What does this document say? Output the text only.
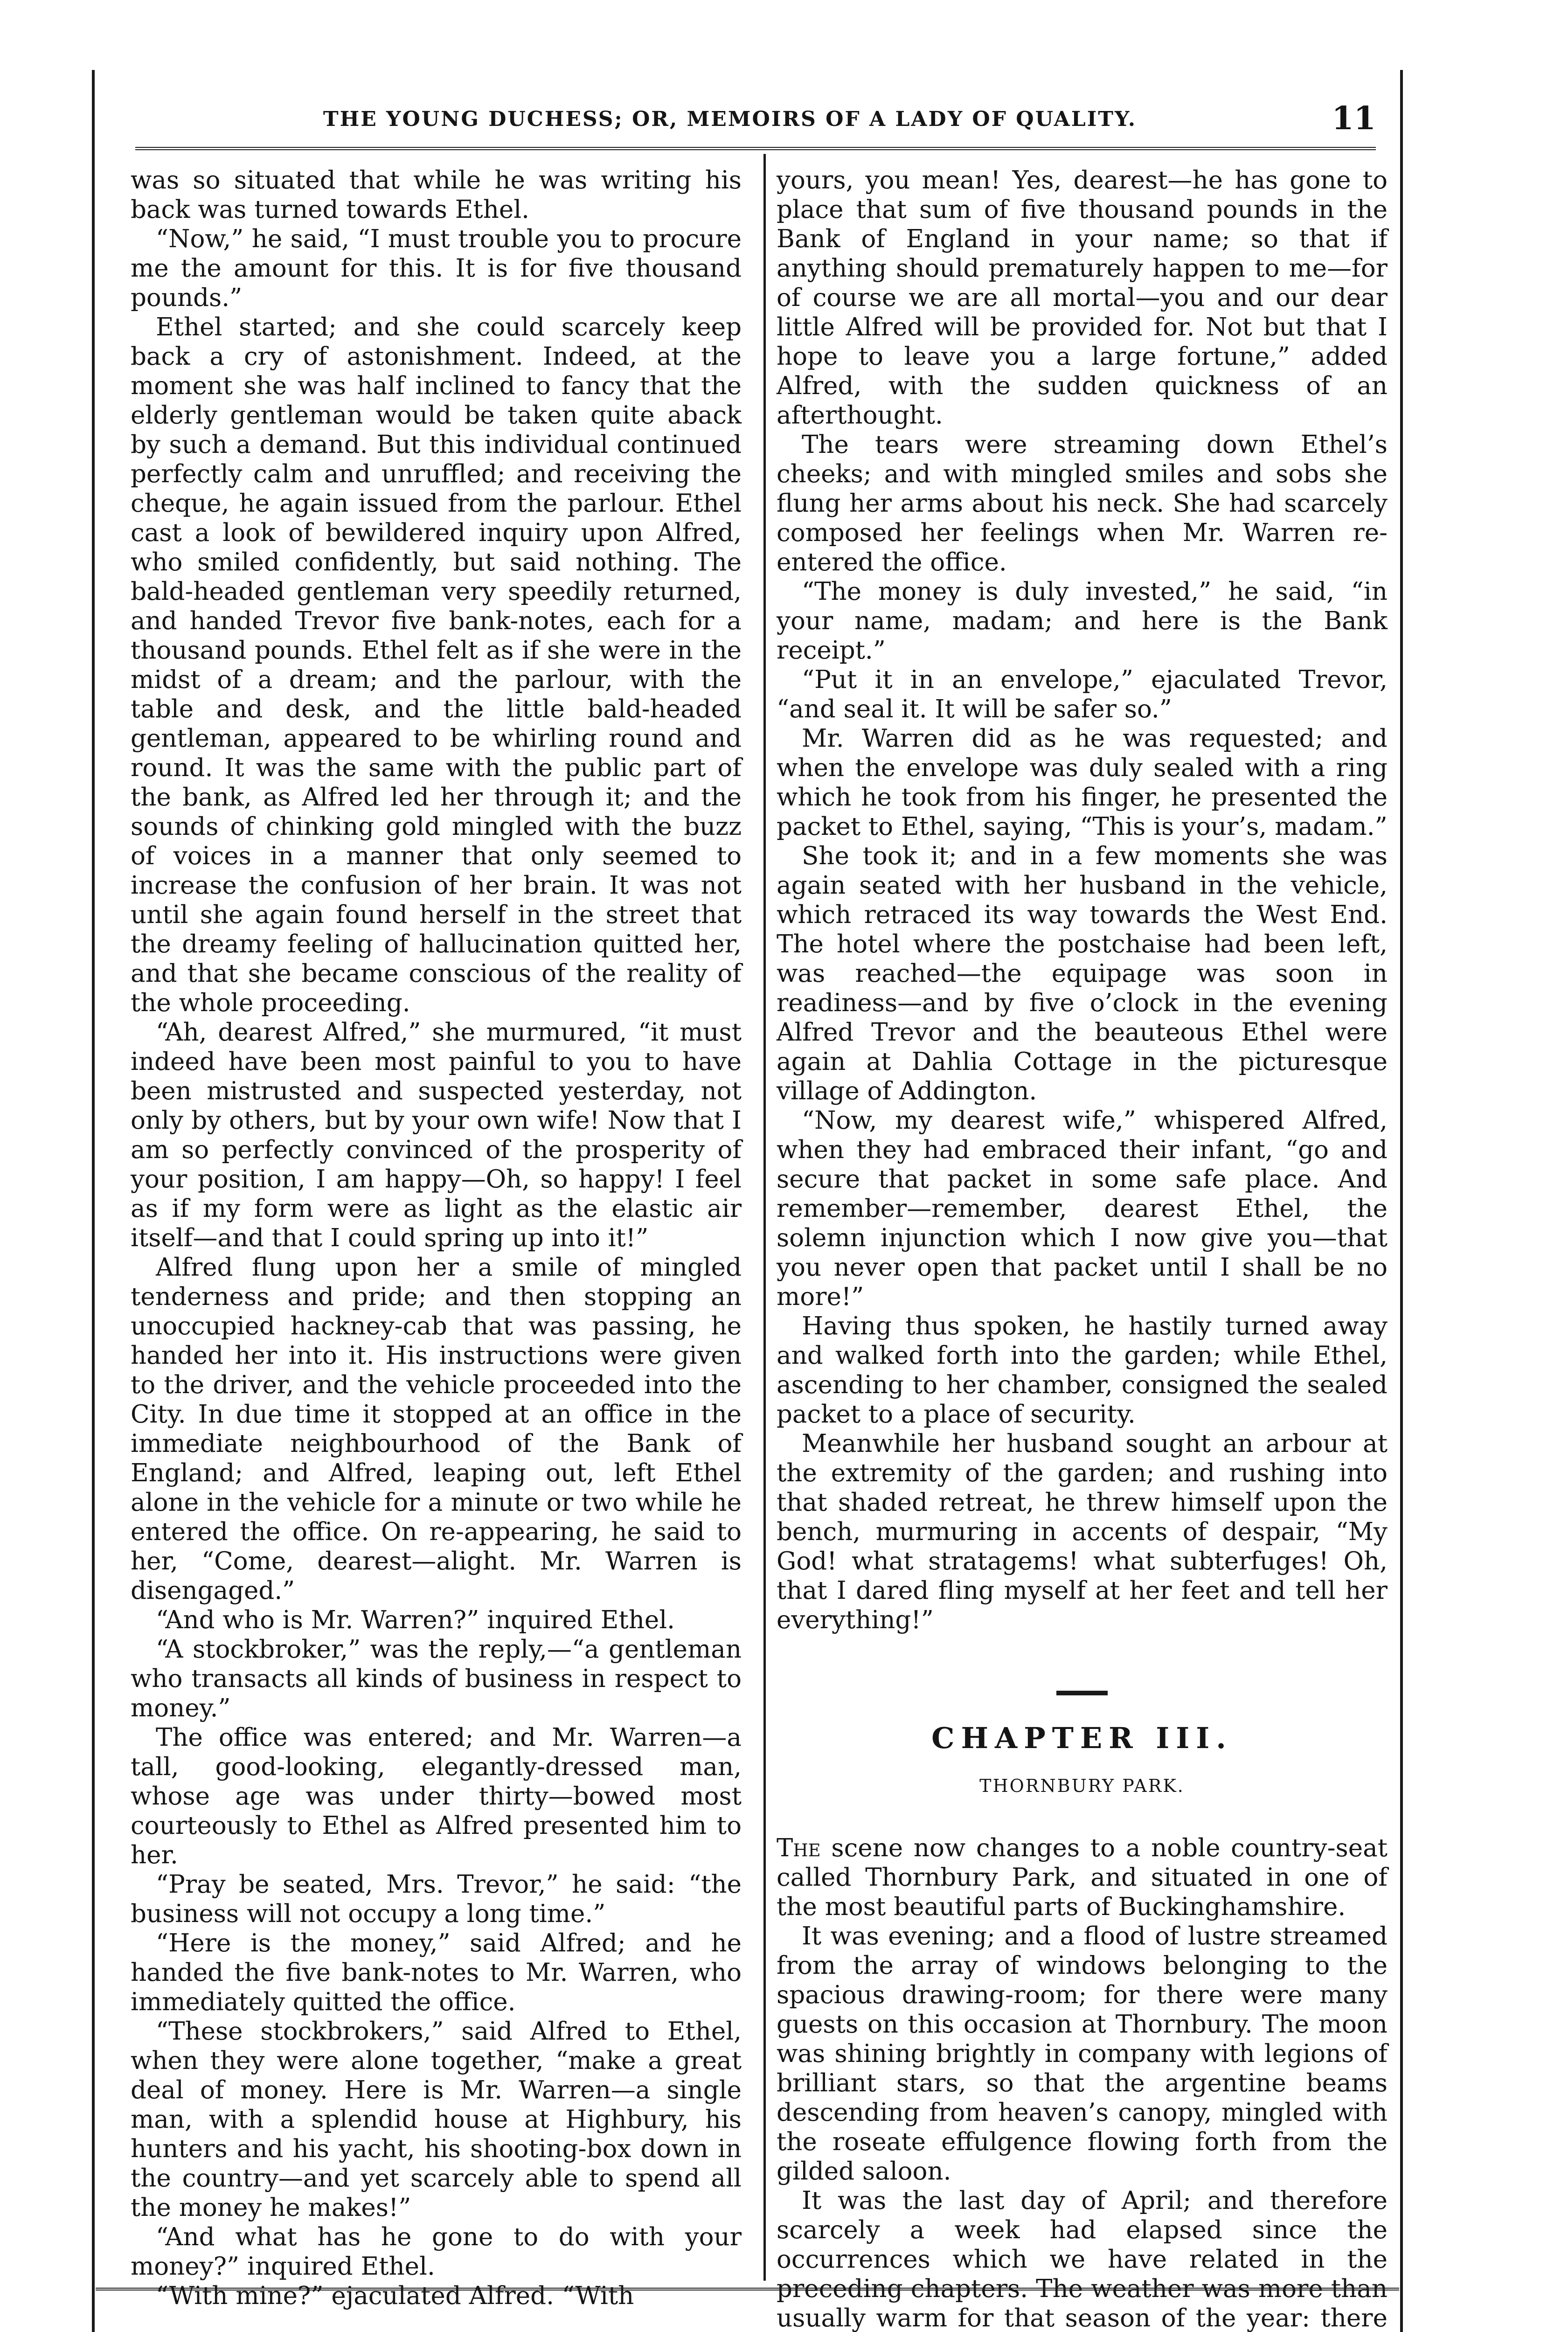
THE YOUNG DUCHESS; OR, MEMOIRS OF A LADY OF QUALITY.	11

was so situated that while he was writing his back was turned towards Ethel.

“Now,” he said, “I must trouble you to procure me the amount for this. It is for five thousand pounds.”

Ethel started; and she could scarcely keep back a cry of astonishment. Indeed, at the moment she was half inclined to fancy that the elderly gentleman would be taken quite aback by such a demand. But this individual continued perfectly calm and unruffled; and receiving the cheque, he again issued from the parlour. Ethel cast a look of bewildered inquiry upon Alfred, who smiled confidently, but said nothing. The bald-headed gentleman very speedily returned, and handed Trevor five bank-notes, each for a thousand pounds. Ethel felt as if she were in the midst of a dream; and the parlour, with the table and desk, and the little bald-headed gentleman, appeared to be whirling round and round. It was the same with the public part of the bank, as Alfred led her through it; and the sounds of chinking gold mingled with the buzz of voices in a manner that only seemed to increase the confusion of her brain. It was not until she again found herself in the street that the dreamy feeling of hallucination quitted her, and that she became conscious of the reality of the whole proceeding.

“Ah, dearest Alfred,” she murmured, “it must indeed have been most painful to you to have been mistrusted and suspected yesterday, not only by others, but by your own wife! Now that I am so perfectly convinced of the prosperity of your position, I am happy—Oh, so happy! I feel as if my form were as light as the elastic air itself—and that I could spring up into it!”

Alfred flung upon her a smile of mingled tenderness and pride; and then stopping an unoccupied hackney-cab that was passing, he handed her into it. His instructions were given to the driver, and the vehicle proceeded into the City. In due time it stopped at an office in the immediate neighbourhood of the Bank of England; and Alfred, leaping out, left Ethel alone in the vehicle for a minute or two while he entered the office. On re-appearing, he said to her, “Come, dearest—alight. Mr. Warren is disengaged.”

“And who is Mr. Warren?” inquired Ethel.

“A stockbroker,” was the reply,—“a gentleman who transacts all kinds of business in respect to money.”

The office was entered; and Mr. Warren—a tall, good-looking, elegantly-dressed man, whose age was under thirty—bowed most courteously to Ethel as Alfred presented him to her.

“Pray be seated, Mrs. Trevor,” he said: “the business will not occupy a long time.”

“Here is the money,” said Alfred; and he handed the five bank-notes to Mr. Warren, who immediately quitted the office.

“These stockbrokers,” said Alfred to Ethel, when they were alone together, “make a great deal of money. Here is Mr. Warren—a single man, with a splendid house at Highbury, his hunters and his yacht, his shooting-box down in the country—and yet scarcely able to spend all the money he makes!”

“And what has he gone to do with your money?” inquired Ethel.

“With mine?” ejaculated Alfred. “With

yours, you mean! Yes, dearest—he has gone to place that sum of five thousand pounds in the Bank of England in your name; so that if anything should prematurely happen to me—for of course we are all mortal—you and our dear little Alfred will be provided for. Not but that I hope to leave you a large fortune,” added Alfred, with the sudden quickness of an afterthought.

The tears were streaming down Ethel’s cheeks; and with mingled smiles and sobs she flung her arms about his neck. She had scarcely composed her feelings when Mr. Warren re-entered the office.

“The money is duly invested,” he said, “in your name, madam; and here is the Bank receipt.”

“Put it in an envelope,” ejaculated Trevor, “and seal it. It will be safer so.”

Mr. Warren did as he was requested; and when the envelope was duly sealed with a ring which he took from his finger, he presented the packet to Ethel, saying, “This is your’s, madam.”

She took it; and in a few moments she was again seated with her husband in the vehicle, which retraced its way towards the West End. The hotel where the postchaise had been left, was reached—the equipage was soon in readiness—and by five o’clock in the evening Alfred Trevor and the beauteous Ethel were again at Dahlia Cottage in the picturesque village of Addington.

“Now, my dearest wife,” whispered Alfred, when they had embraced their infant, “go and secure that packet in some safe place. And remember—remember, dearest Ethel, the solemn injunction which I now give you—that you never open that packet until I shall be no more!”

Having thus spoken, he hastily turned away and walked forth into the garden; while Ethel, ascending to her chamber, consigned the sealed packet to a place of security.

Meanwhile her husband sought an arbour at the extremity of the garden; and rushing into that shaded retreat, he threw himself upon the bench, murmuring in accents of despair, “My God! what stratagems! what subterfuges! Oh, that I dared fling myself at her feet and tell her everything!”

CHAPTER III.
THORNBURY PARK.

The scene now changes to a noble country-seat called Thornbury Park, and situated in one of the most beautiful parts of Buckinghamshire.

It was evening; and a flood of lustre streamed from the array of windows belonging to the spacious drawing-room; for there were many guests on this occasion at Thornbury. The moon was shining brightly in company with legions of brilliant stars, so that the argentine beams descending from heaven’s canopy, mingled with the roseate effulgence flowing forth from the gilded saloon.

It was the last day of April; and therefore scarcely a week had elapsed since the occurrences which we have related in the preceding chapters. The weather was more than usually warm for that season of the year: there
